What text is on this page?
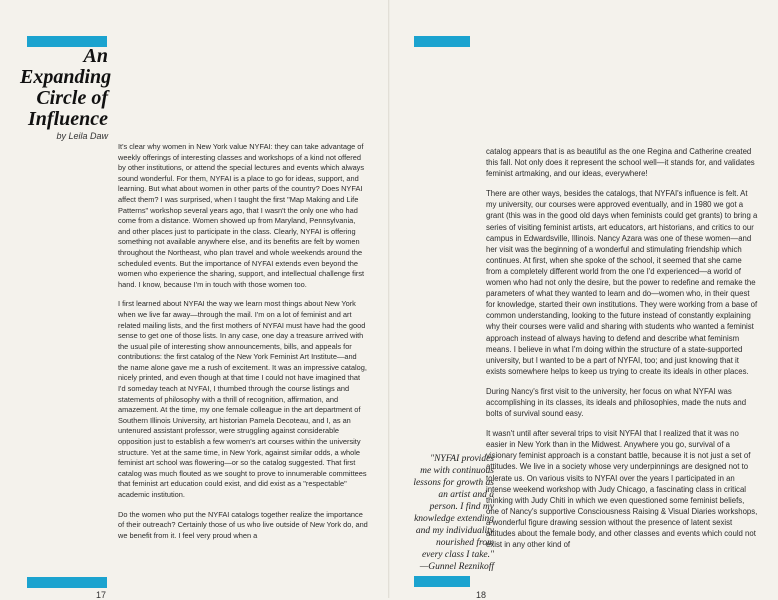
An
Expanding
Circle of
Influence
by Leila Daw

It's clear why women in New York value NYFAI: they can take advantage of weekly offerings of interesting classes and workshops of a kind not offered by other institutions, or attend the special lectures and events which always sound wonderful. For them, NYFAI is a place to go for ideas, support, and learning. But what about women in other parts of the country? Does NYFAI affect them? I was surprised, when I taught the first "Map Making and Life Patterns" workshop several years ago, that I wasn't the only one who had come from a distance. Women showed up from Maryland, Pennsylvania, and other places just to participate in the class. Clearly, NYFAI is offering something not available anywhere else, and its benefits are felt by women throughout the Northeast, who plan travel and whole weekends around the scheduled events. But the importance of NYFAI extends even beyond the women who experience the sharing, support, and intellectual challenge first hand. I know, because I'm in touch with those women too.

I first learned about NYFAI the way we learn most things about New York when we live far away—through the mail. I'm on a lot of feminist and art related mailing lists, and the first mothers of NYFAI must have had the good sense to get one of those lists. In any case, one day a treasure arrived with the usual pile of interesting show announcements, bills, and appeals for contributions: the first catalog of the New York Feminist Art Institute—and the name alone gave me a rush of excitement. It was an impressive catalog, nicely printed, and even though at that time I could not have imagined that I'd someday teach at NYFAI, I thumbed through the course listings and statements of philosophy with a thrill of recognition, affirmation, and amazement. At the time, my one female colleague in the art department of Southern Illinois University, art historian Pamela Decoteau, and I, as an untenured assistant professor, were struggling against considerable opposition just to establish a few women's art courses within the university structure. Yet at the same time, in New York, against similar odds, a whole feminist art school was flowering—or so the catalog suggested. That first catalog was much flouted as we sought to prove to innumerable committees that feminist art education could exist, and did exist as a "respectable" academic institution.

Do the women who put the NYFAI catalogs together realize the importance of their outreach? Certainly those of us who live outside of New York do, and we benefit from it. I feel very proud when a

17

catalog appears that is as beautiful as the one Regina and Catherine created this fall. Not only does it represent the school well—it stands for, and validates feminist artmaking, and our ideas, everywhere!

There are other ways, besides the catalogs, that NYFAI's influence is felt. At my university, our courses were approved eventually, and in 1980 we got a grant (this was in the good old days when feminists could get grants) to bring a series of visiting feminist artists, art educators, art historians, and critics to our campus in Edwardsville, Illinois. Nancy Azara was one of these women—and her visit was the beginning of a wonderful and stimulating friendship which continues. At first, when she spoke of the school, it seemed that she came from a completely different world from the one I'd experienced—a world of women who had not only the desire, but the power to redefine and remake the parameters of what they wanted to learn and do—women who, in their quest for knowledge, started their own institutions. They were working from a base of common understanding, looking to the future instead of constantly explaining why their courses were valid and sharing with students who wanted a feminist approach instead of always having to defend and describe what feminism means. I believe in what I'm doing within the structure of a state-supported university, but I wanted to be a part of NYFAI, too; and just knowing that it exists somewhere helps to keep us trying to create its ideals in other places.

During Nancy's first visit to the university, her focus on what NYFAI was accomplishing in its classes, its ideals and philosophies, made the nuts and bolts of survival sound easy.

It wasn't until after several trips to visit NYFAI that I realized that it was no easier in New York than in the Midwest. Anywhere you go, survival of a visionary feminist approach is a constant battle, because it is not just a set of attitudes. We live in a society whose very underpinnings are designed not to tolerate us. On various visits to NYFAI over the years I participated in an intense weekend workshop with Judy Chicago, a fascinating class in critical thinking with Judy Chiti in which we even questioned some feminist beliefs, one of Nancy's supportive Consciousness Raising & Visual Diaries workshops, a wonderful figure drawing session without the presence of latent sexist attitudes about the female body, and other classes and events which could not exist in any other kind of

"NYFAI provides
me with continuous
lessons for growth as
an artist and a
person. I find my
knowledge extending
and my individuality
nourished from
every class I take."
—Gunnel Reznikoff
18
